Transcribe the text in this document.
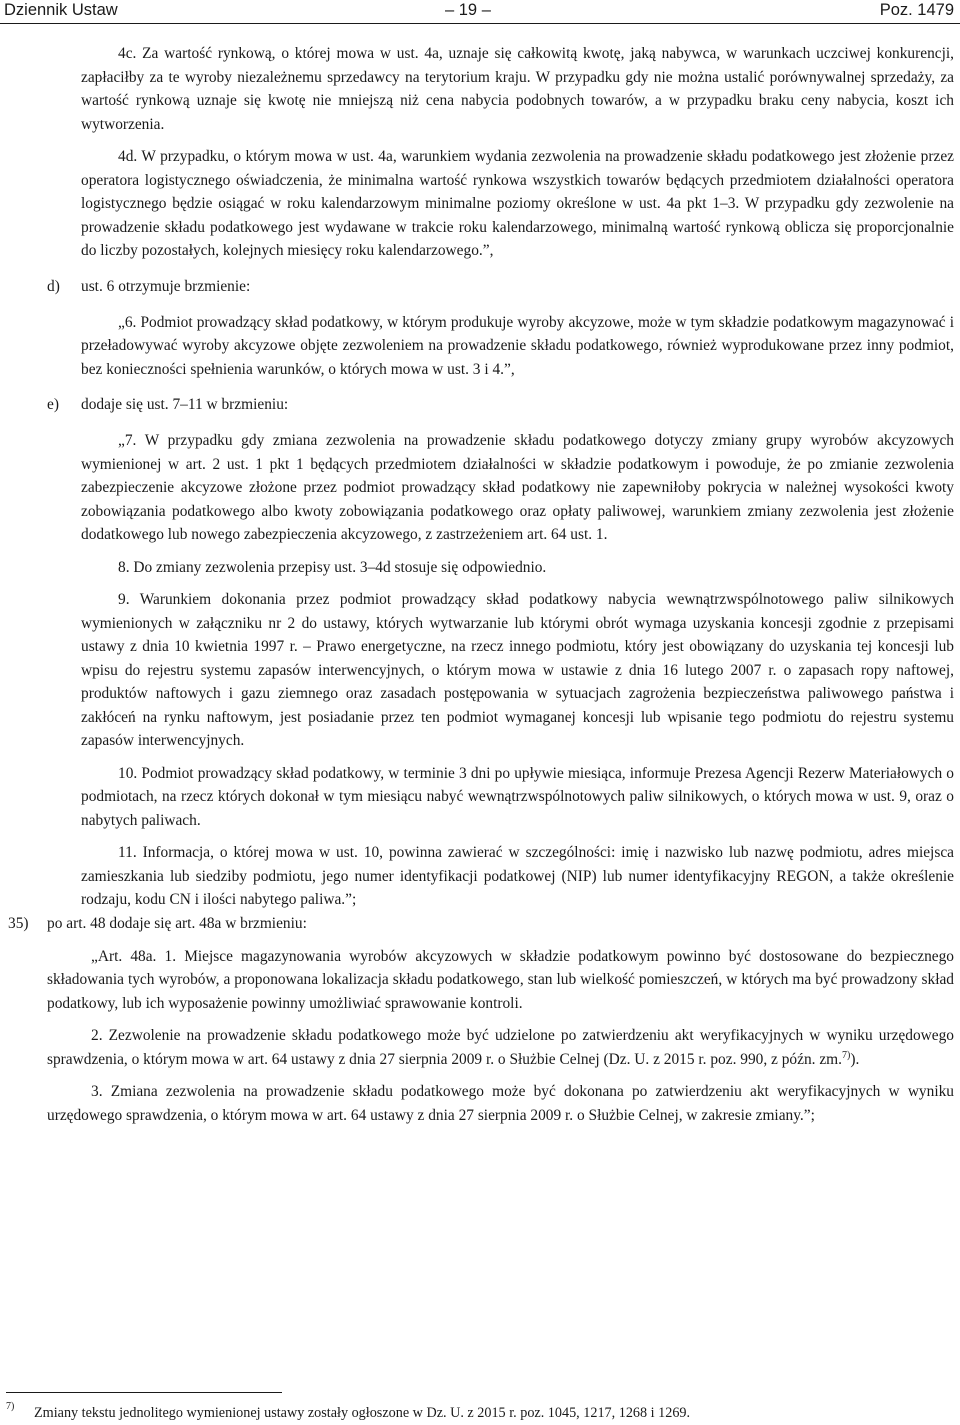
Dziennik Ustaw	– 19 –	Poz. 1479

4c. Za wartość rynkową, o której mowa w ust. 4a, uznaje się całkowitą kwotę, jaką nabywca, w warunkach uczciwej konkurencji, zapłaciłby za te wyroby niezależnemu sprzedawcy na terytorium kraju. W przypadku gdy nie można ustalić porównywalnej sprzedaży, za wartość rynkową uznaje się kwotę nie mniejszą niż cena nabycia podobnych towarów, a w przypadku braku ceny nabycia, koszt ich wytworzenia.

4d. W przypadku, o którym mowa w ust. 4a, warunkiem wydania zezwolenia na prowadzenie składu podatkowego jest złożenie przez operatora logistycznego oświadczenia, że minimalna wartość rynkowa wszystkich towarów będących przedmiotem działalności operatora logistycznego będzie osiągać w roku kalendarzowym minimalne poziomy określone w ust. 4a pkt 1–3. W przypadku gdy zezwolenie na prowadzenie składu podatkowego jest wydawane w trakcie roku kalendarzowego, minimalną wartość rynkową oblicza się proporcjonalnie do liczby pozostałych, kolejnych miesięcy roku kalendarzowego.”,

d) ust. 6 otrzymuje brzmienie:

„6. Podmiot prowadzący skład podatkowy, w którym produkuje wyroby akcyzowe, może w tym składzie podatkowym magazynować i przeładowywać wyroby akcyzowe objęte zezwoleniem na prowadzenie składu podatkowego, również wyprodukowane przez inny podmiot, bez konieczności spełnienia warunków, o których mowa w ust. 3 i 4.”,

e) dodaje się ust. 7–11 w brzmieniu:

„7. W przypadku gdy zmiana zezwolenia na prowadzenie składu podatkowego dotyczy zmiany grupy wyrobów akcyzowych wymienionej w art. 2 ust. 1 pkt 1 będących przedmiotem działalności w składzie podatkowym i powoduje, że po zmianie zezwolenia zabezpieczenie akcyzowe złożone przez podmiot prowadzący skład podatkowy nie zapewniłoby pokrycia w należnej wysokości kwoty zobowiązania podatkowego albo kwoty zobowiązania podatkowego oraz opłaty paliwowej, warunkiem zmiany zezwolenia jest złożenie dodatkowego lub nowego zabezpieczenia akcyzowego, z zastrzeżeniem art. 64 ust. 1.

8. Do zmiany zezwolenia przepisy ust. 3–4d stosuje się odpowiednio.

9. Warunkiem dokonania przez podmiot prowadzący skład podatkowy nabycia wewnątrzwspólnotowego paliw silnikowych wymienionych w załączniku nr 2 do ustawy, których wytwarzanie lub którymi obrót wymaga uzyskania koncesji zgodnie z przepisami ustawy z dnia 10 kwietnia 1997 r. – Prawo energetyczne, na rzecz innego podmiotu, który jest obowiązany do uzyskania tej koncesji lub wpisu do rejestru systemu zapasów interwencyjnych, o którym mowa w ustawie z dnia 16 lutego 2007 r. o zapasach ropy naftowej, produktów naftowych i gazu ziemnego oraz zasadach postępowania w sytuacjach zagrożenia bezpieczeństwa paliwowego państwa i zakłóceń na rynku naftowym, jest posiadanie przez ten podmiot wymaganej koncesji lub wpisanie tego podmiotu do rejestru systemu zapasów interwencyjnych.

10. Podmiot prowadzący skład podatkowy, w terminie 3 dni po upływie miesiąca, informuje Prezesa Agencji Rezerw Materiałowych o podmiotach, na rzecz których dokonał w tym miesiącu nabyć wewnątrzwspólnotowych paliw silnikowych, o których mowa w ust. 9, oraz o nabytych paliwach.

11. Informacja, o której mowa w ust. 10, powinna zawierać w szczególności: imię i nazwisko lub nazwę podmiotu, adres miejsca zamieszkania lub siedziby podmiotu, jego numer identyfikacji podatkowej (NIP) lub numer identyfikacyjny REGON, a także określenie rodzaju, kodu CN i ilości nabytego paliwa.”;

35) po art. 48 dodaje się art. 48a w brzmieniu:

„Art. 48a. 1. Miejsce magazynowania wyrobów akcyzowych w składzie podatkowym powinno być dostosowane do bezpiecznego składowania tych wyrobów, a proponowana lokalizacja składu podatkowego, stan lub wielkość pomieszczeń, w których ma być prowadzony skład podatkowy, lub ich wyposażenie powinny umożliwiać sprawowanie kontroli.

2. Zezwolenie na prowadzenie składu podatkowego może być udzielone po zatwierdzeniu akt weryfikacyjnych w wyniku urzędowego sprawdzenia, o którym mowa w art. 64 ustawy z dnia 27 sierpnia 2009 r. o Służbie Celnej (Dz. U. z 2015 r. poz. 990, z późn. zm.$^{7)}$).

3. Zmiana zezwolenia na prowadzenie składu podatkowego może być dokonana po zatwierdzeniu akt weryfikacyjnych w wyniku urzędowego sprawdzenia, o którym mowa w art. 64 ustawy z dnia 27 sierpnia 2009 r. o Służbie Celnej, w zakresie zmiany.”;

7) Zmiany tekstu jednolitego wymienionej ustawy zostały ogłoszone w Dz. U. z 2015 r. poz. 1045, 1217, 1268 i 1269.
